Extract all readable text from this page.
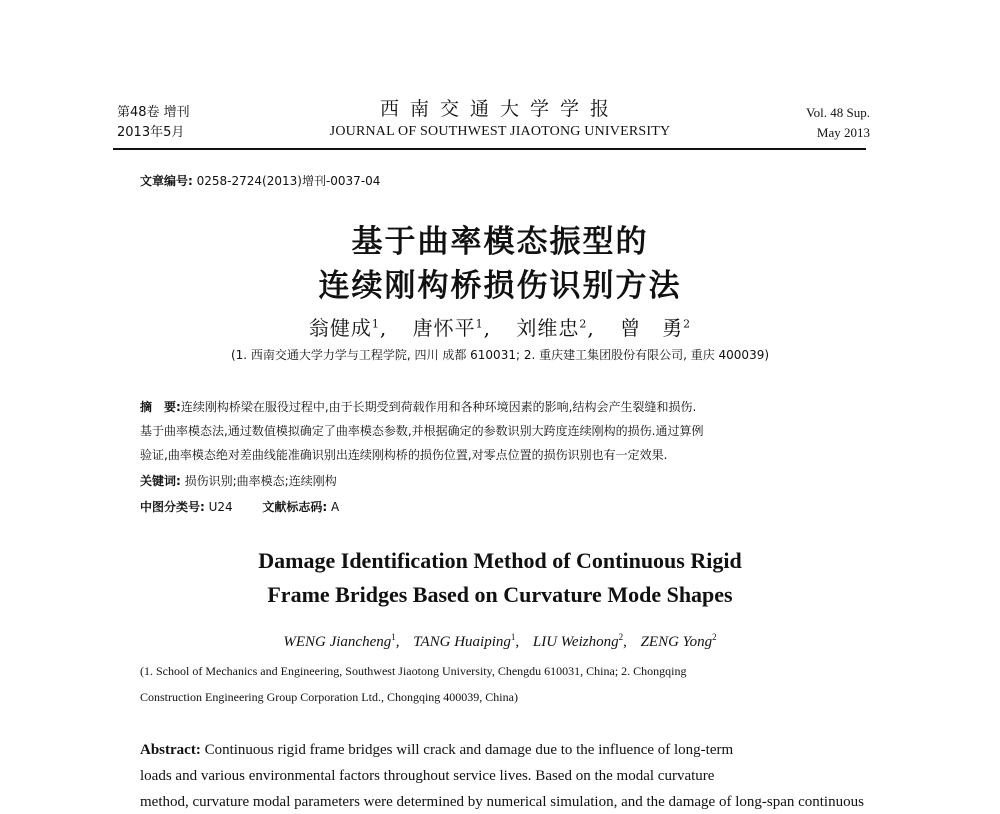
第48卷 增刊
2013年5月
西南交通大学学报
JOURNAL OF SOUTHWEST JIAOTONG UNIVERSITY
Vol. 48 Sup.
May 2013
文章编号: 0258-2724(2013)增刊-0037-04
基于曲率模态振型的
连续刚构桥损伤识别方法
翁健成$^1$, 唐怀平$^1$, 刘维忠$^2$, 曾　勇$^2$
(1. 西南交通大学力学与工程学院, 四川 成都 610031; 2. 重庆建工集团股份有限公司, 重庆 400039)
摘　要:连续刚构桥梁在服役过程中,由于长期受到荷载作用和各种环境因素的影响,结构会产生裂缝和损伤.
基于曲率模态法,通过数值模拟确定了曲率模态参数,并根据确定的参数识别大跨度连续刚构的损伤.通过算例
验证,曲率模态绝对差曲线能准确识别出连续刚构桥的损伤位置,对零点位置的损伤识别也有一定效果.
关键词: 损伤识别;曲率模态;连续刚构
中图分类号: U24 文献标志码: A
Damage Identification Method of Continuous Rigid
Frame Bridges Based on Curvature Mode Shapes
WENG Jiancheng$^1$, TANG Huaiping$^1$, LIU Weizhong$^2$, ZENG Yong$^2$
(1. School of Mechanics and Engineering, Southwest Jiaotong University, Chengdu 610031, China; 2. Chongqing
Construction Engineering Group Corporation Ltd., Chongqing 400039, China)
Abstract: Continuous rigid frame bridges will crack and damage due to the influence of long-term
loads and various environmental factors throughout service lives. Based on the modal curvature
method, curvature modal parameters were determined by numerical simulation, and the damage of long-span continuous
